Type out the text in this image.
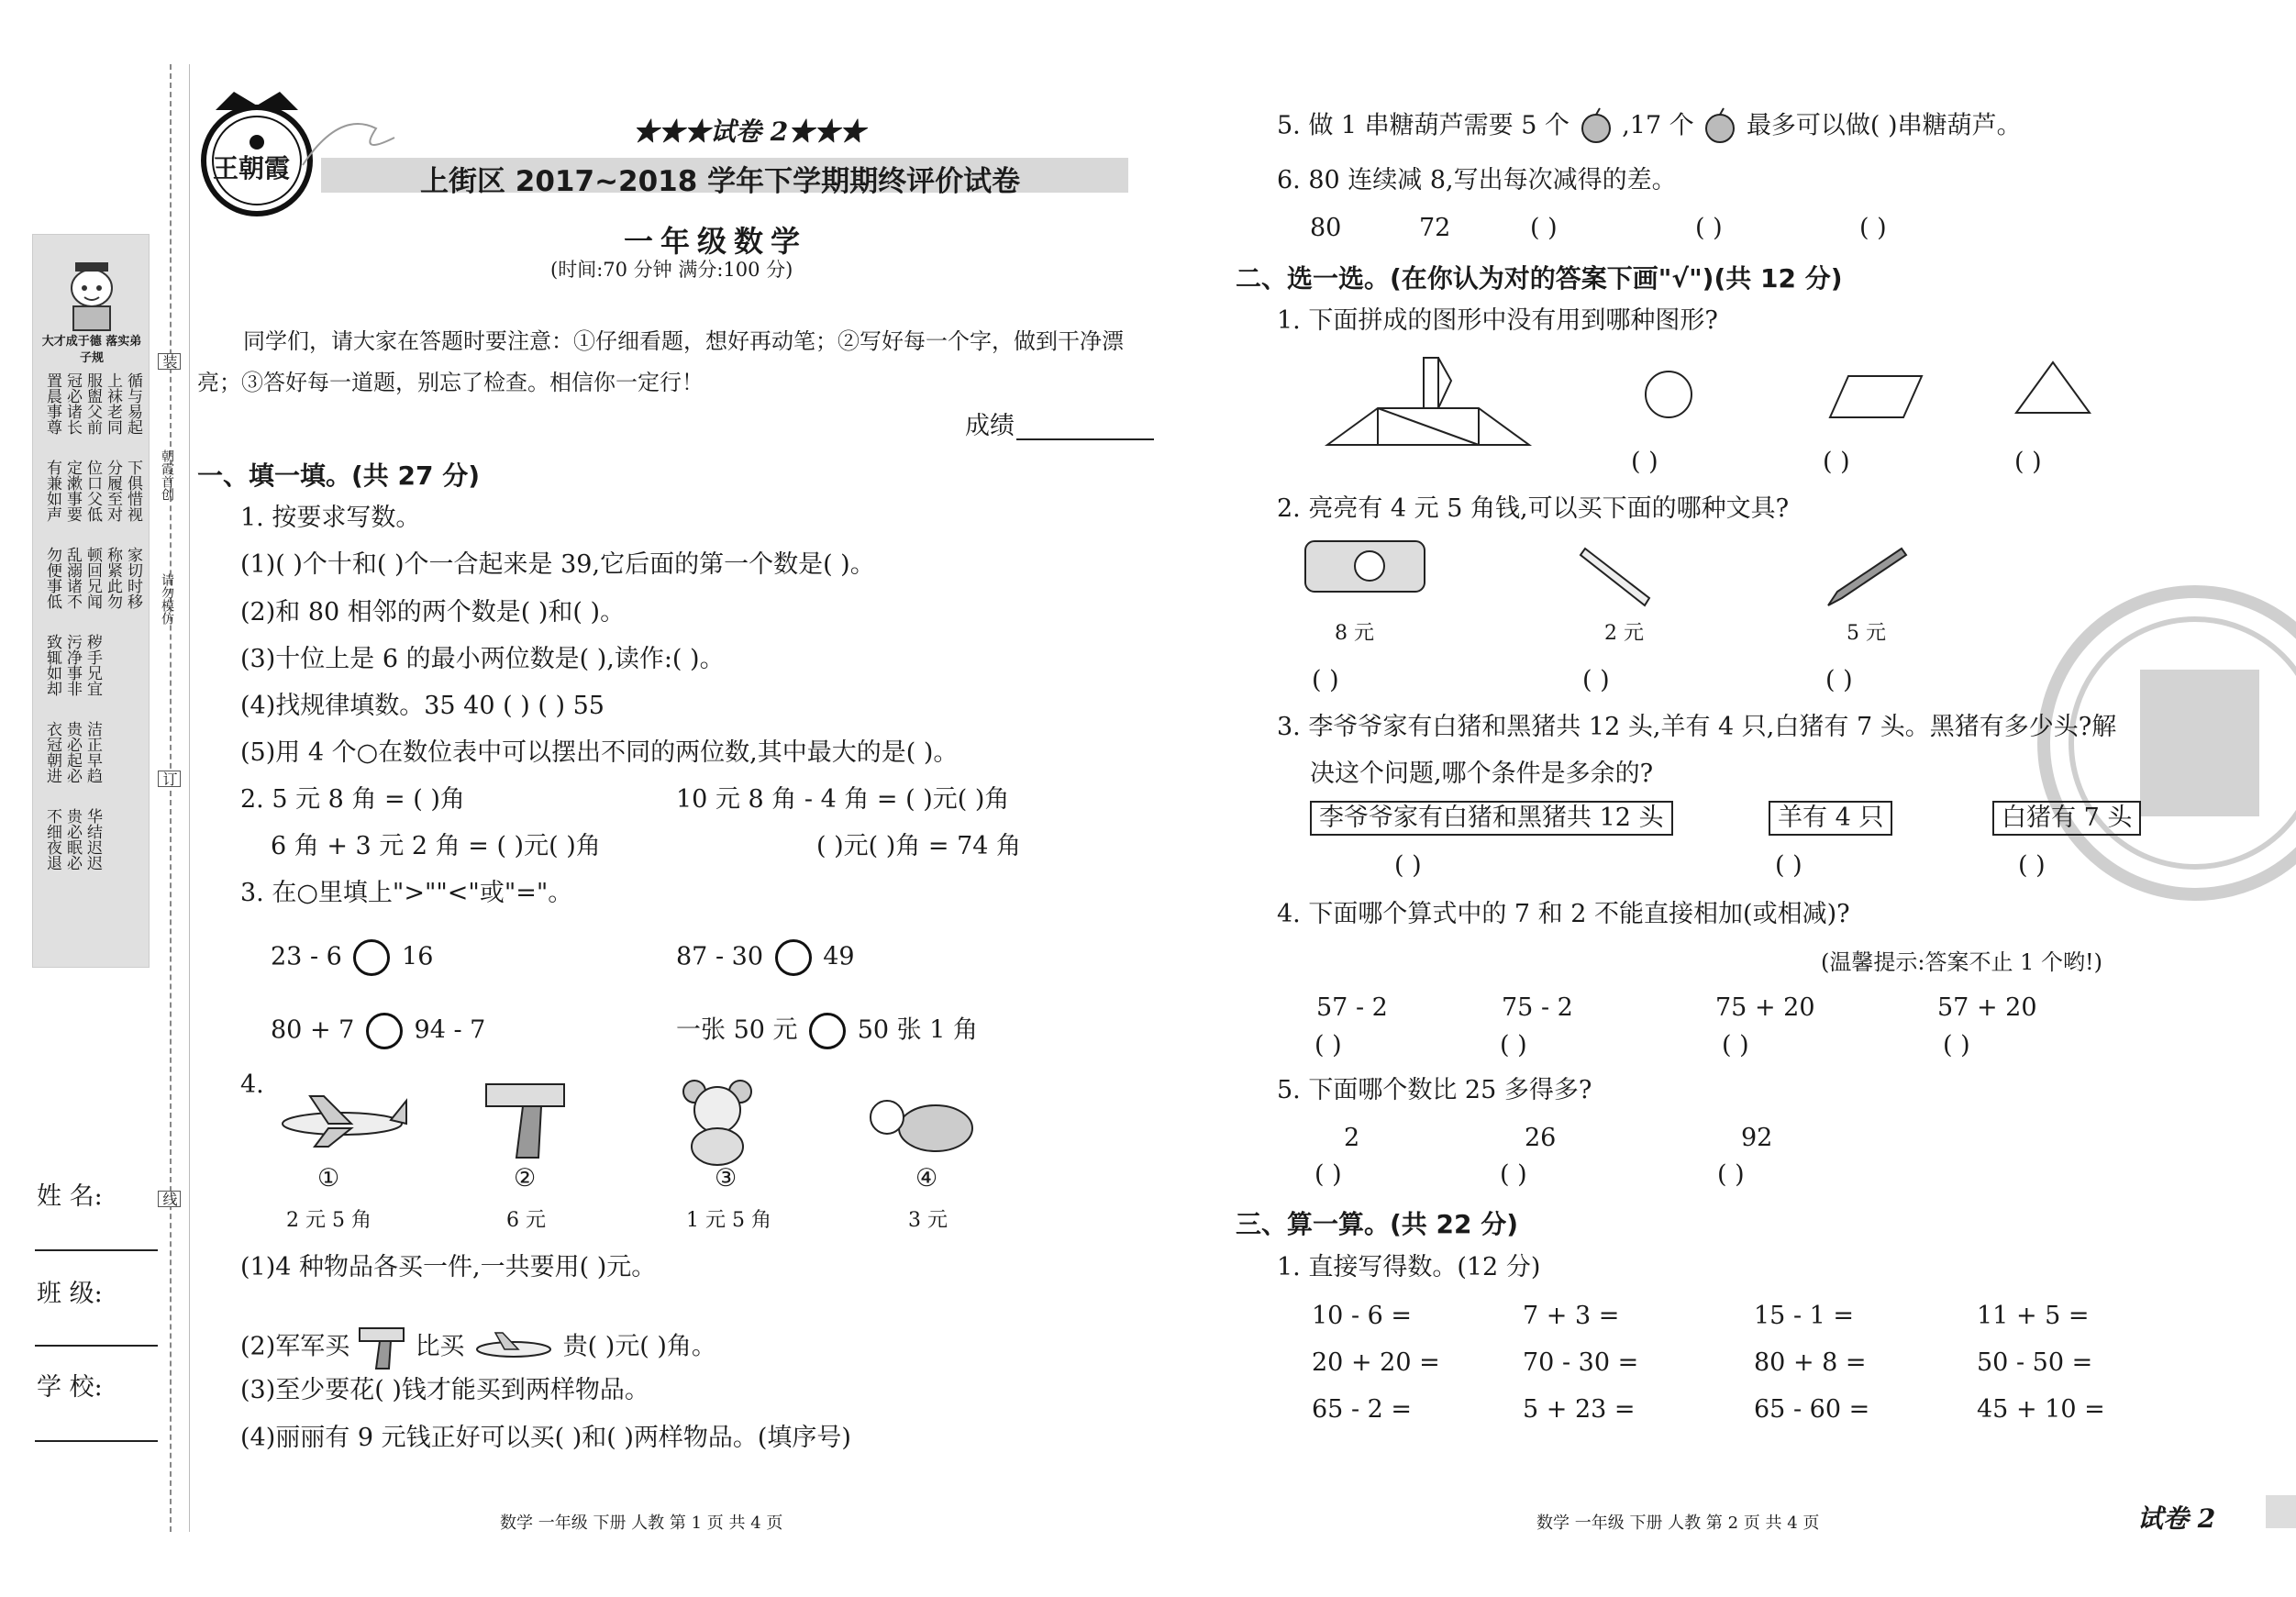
大才成于德 落实弟子规
置晨事尊 冠必诸长 服盥父前
有兼如声 定漱事要 位口父低
勿便事低 乱溺诸不 顿回兄闻
致辄如却 污净事非 秽手兄宜
衣冠朝进 贵必起必 洁正早趋
不细夜退 贵必眠必 华结迟迟
上袜老同 循与易起
分履至对 下俱惜视
称紧此勿 家切时移
装
朝霞首创
请勿模仿
订
线
姓 名:
班 级:
学 校:
王朝霞
★★★试卷 2★★★
上街区 2017~2018 学年下学期期终评价试卷
一年级数学
(时间:70 分钟 满分:100 分)
同学们，请大家在答题时要注意：①仔细看题，想好再动笔；②写好每一个字，做到干净漂
亮；③答好每一道题，别忘了检查。相信你一定行！
成绩
一、填一填。(共 27 分)
1. 按要求写数。
(1)( )个十和( )个一合起来是 39,它后面的第一个数是( )。
(2)和 80 相邻的两个数是( )和( )。
(3)十位上是 6 的最小两位数是( ),读作:( )。
(4)找规律填数。35 40 ( ) ( ) 55
(5)用 4 个○在数位表中可以摆出不同的两位数,其中最大的是( )。
2. 5 元 8 角 = ( )角	10 元 8 角 - 4 角 = ( )元( )角
6 角 + 3 元 2 角 = ( )元( )角	( )元( )角 = 74 角
3. 在○里填上">""<"或"="。
23 - 6 16	87 - 30 49
80 + 7 94 - 7	一张 50 元 50 张 1 角
4.
①	②	③	④
2 元 5 角	6 元	1 元 5 角	3 元
(1)4 种物品各买一件,一共要用( )元。
(2)军军买	比买	贵( )元( )角。
(3)至少要花( )钱才能买到两样物品。
(4)丽丽有 9 元钱正好可以买( )和( )两样物品。(填序号)
数学 一年级 下册 人教 第 1 页 共 4 页
5. 做 1 串糖葫芦需要 5 个 ,17 个 最多可以做( )串糖葫芦。
6. 80 连续减 8,写出每次减得的差。
80	72	( )	( )	( )
二、选一选。(在你认为对的答案下画"√")(共 12 分)
1. 下面拼成的图形中没有用到哪种图形?
( )	( )	( )
2. 亮亮有 4 元 5 角钱,可以买下面的哪种文具?
8 元	2 元	5 元
( )	( )	( )
3. 李爷爷家有白猪和黑猪共 12 头,羊有 4 只,白猪有 7 头。黑猪有多少头?解
决这个问题,哪个条件是多余的?
李爷爷家有白猪和黑猪共 12 头	羊有 4 只	白猪有 7 头
( )	( )	( )
4. 下面哪个算式中的 7 和 2 不能直接相加(或相减)?
(温馨提示:答案不止 1 个哟!)
57 - 2	75 - 2	75 + 20	57 + 20
( )	( )	( )	( )
5. 下面哪个数比 25 多得多?
2	26	92
( )	( )	( )
三、算一算。(共 22 分)
1. 直接写得数。(12 分)
10 - 6 =	7 + 3 =	15 - 1 =	11 + 5 =
20 + 20 =	70 - 30 =	80 + 8 =	50 - 50 =
65 - 2 =	5 + 23 =	65 - 60 =	45 + 10 =
数学 一年级 下册 人教 第 2 页 共 4 页	试卷 2
